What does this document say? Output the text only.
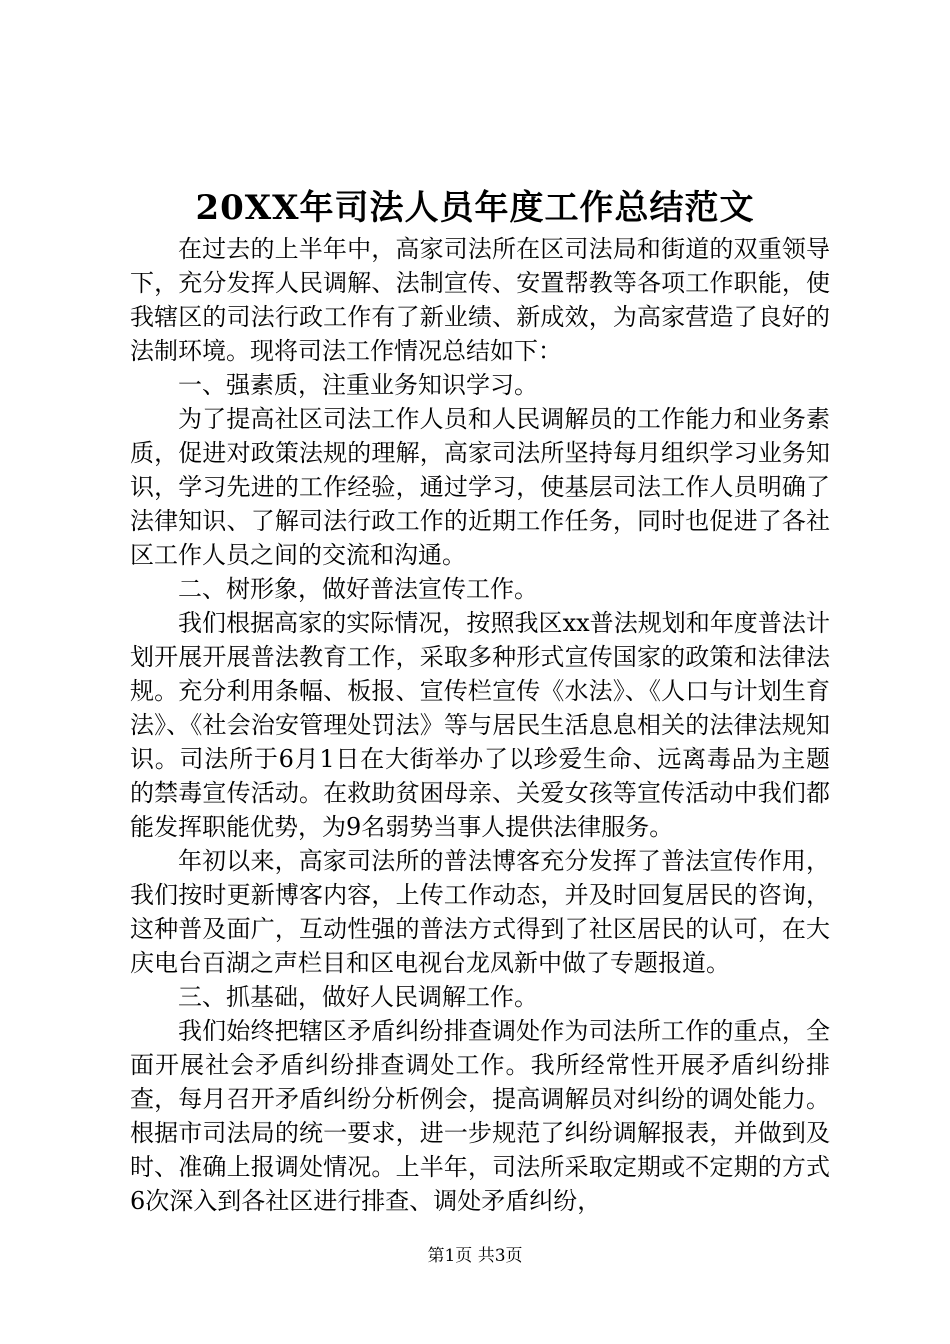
20XX年司法人员年度工作总结范文

在过去的上半年中，高家司法所在区司法局和街道的双重领导下，充分发挥人民调解、法制宣传、安置帮教等各项工作职能，使我辖区的司法行政工作有了新业绩、新成效，为高家营造了良好的法制环境。现将司法工作情况总结如下：

一、强素质，注重业务知识学习。

为了提高社区司法工作人员和人民调解员的工作能力和业务素质，促进对政策法规的理解，高家司法所坚持每月组织学习业务知识，学习先进的工作经验，通过学习，使基层司法工作人员明确了法律知识、了解司法行政工作的近期工作任务，同时也促进了各社区工作人员之间的交流和沟通。

二、树形象，做好普法宣传工作。

我们根据高家的实际情况，按照我区xx普法规划和年度普法计划开展开展普法教育工作，采取多种形式宣传国家的政策和法律法规。充分利用条幅、板报、宣传栏宣传《水法》、《人口与计划生育法》、《社会治安管理处罚法》等与居民生活息息相关的法律法规知识。司法所于6月1日在大街举办了以珍爱生命、远离毒品为主题的禁毒宣传活动。在救助贫困母亲、关爱女孩等宣传活动中我们都能发挥职能优势，为9名弱势当事人提供法律服务。

年初以来，高家司法所的普法博客充分发挥了普法宣传作用，我们按时更新博客内容，上传工作动态，并及时回复居民的咨询，这种普及面广，互动性强的普法方式得到了社区居民的认可，在大庆电台百湖之声栏目和区电视台龙凤新中做了专题报道。

三、抓基础，做好人民调解工作。

我们始终把辖区矛盾纠纷排查调处作为司法所工作的重点，全面开展社会矛盾纠纷排查调处工作。我所经常性开展矛盾纠纷排查，每月召开矛盾纠纷分析例会，提高调解员对纠纷的调处能力。根据市司法局的统一要求，进一步规范了纠纷调解报表，并做到及时、准确上报调处情况。上半年，司法所采取定期或不定期的方式6次深入到各社区进行排查、调处矛盾纠纷，

第1页 共3页
